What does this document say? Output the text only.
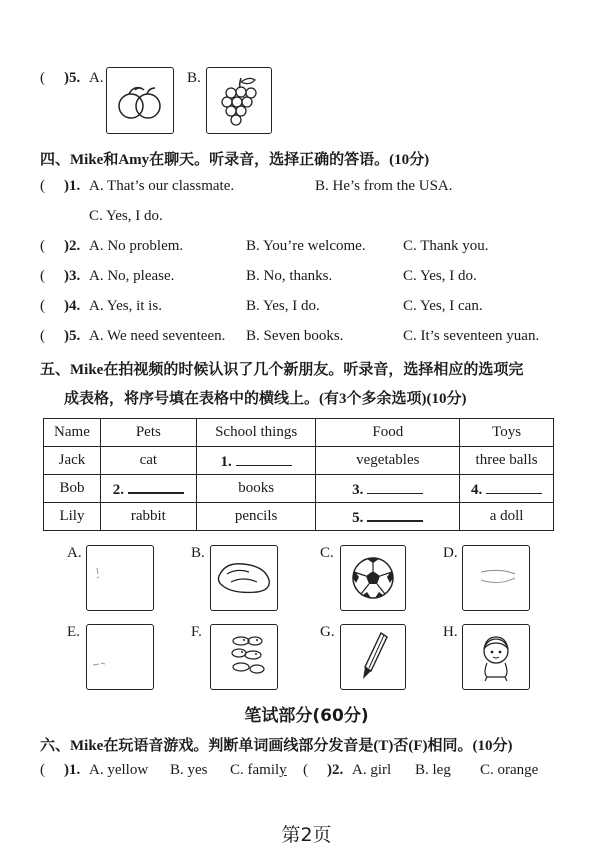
( )5. A.	B.
四、Mike和Amy在聊天。听录音，选择正确的答语。(10分)
( )1. A. That’s our classmate.	B. He’s from the USA.
C. Yes, I do.
( )2. A. No problem.	B. You’re welcome. C. Thank you.
( )3. A. No, please.	B. No, thanks.	C. Yes, I do.
( )4. A. Yes, it is.	B. Yes, I do.	C. Yes, I can.
( )5. A. We need seventeen. B. Seven books.	C. It’s seventeen yuan.
五、Mike在拍视频的时候认识了几个新朋友。听录音，选择相应的选项完
成表格，将序号填在表格中的横线上。(有3个多余选项)(10分)
Name	Pets	School things	Food	Toys
Jack	cat	1.	vegetables	three balls
Bob	2.	books	3.	4.
Lily	rabbit	pencils	5.	a doll
A.	B.	C.	D.
E.	F.	G.	H.
笔试部分(60分)
六、Mike在玩语音游戏。判断单词画线部分发音是(T)否(F)相同。(10分)
( )1. A. yellow B. yes C. family ( )2. A. girl B. leg C. orange
第2页
